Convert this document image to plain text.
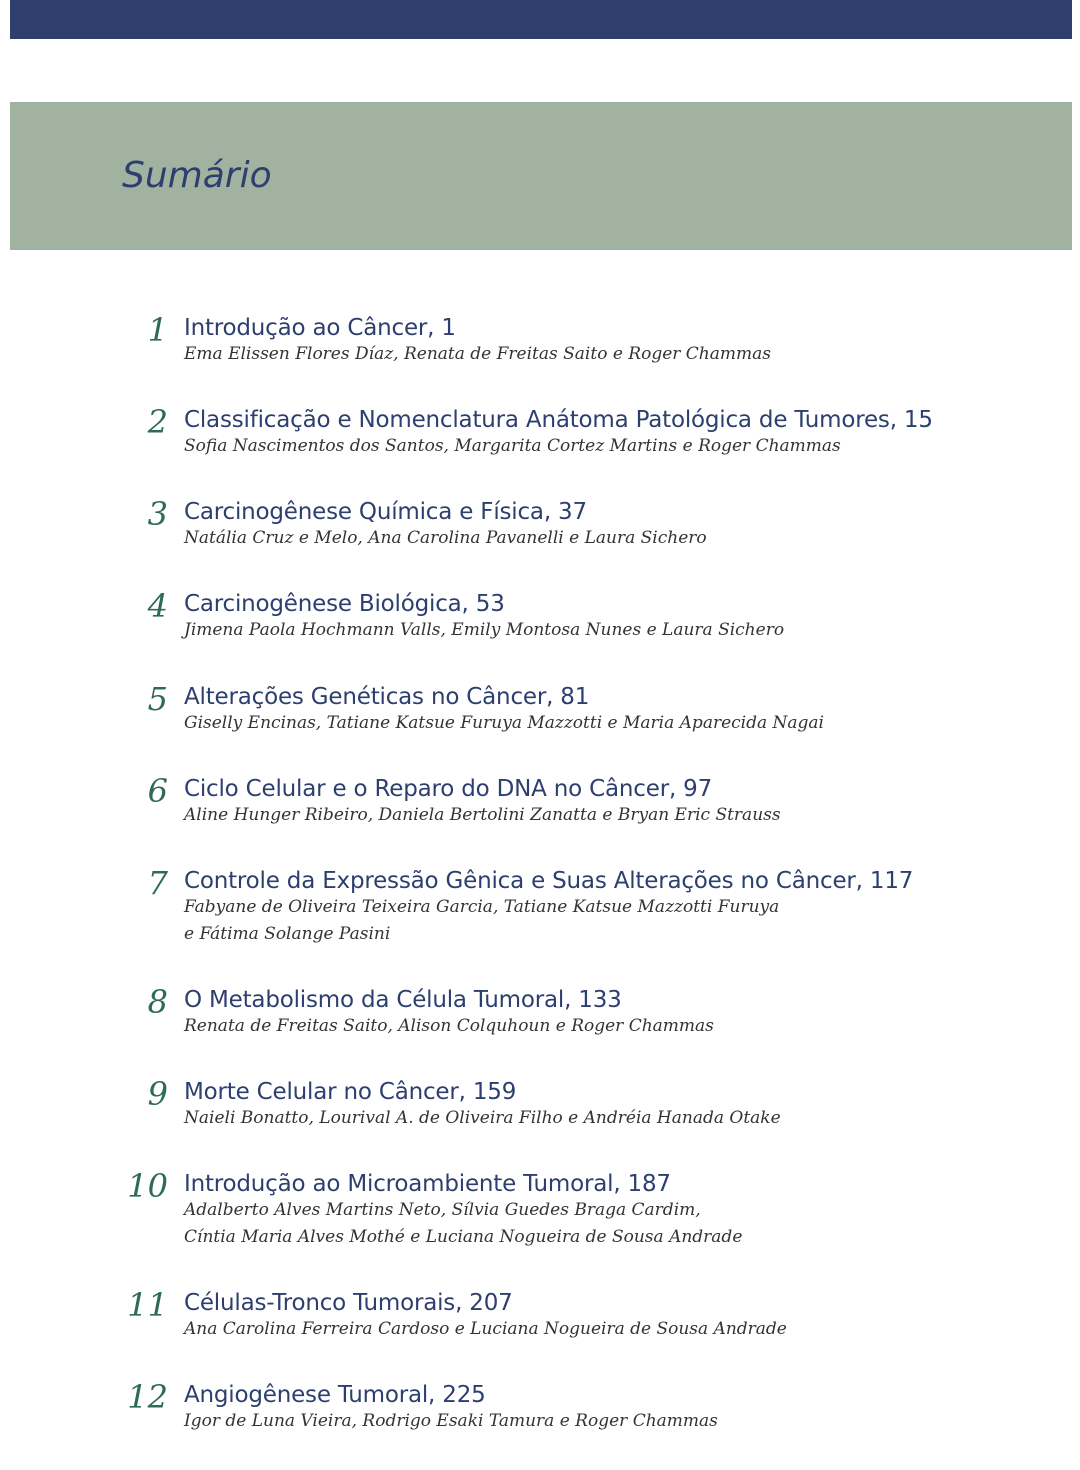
Sumário
1 Introdução ao Câncer, 1

Ema Elissen Flores Díaz, Renata de Freitas Saito e Roger Chammas

2 Classificação e Nomenclatura Anátoma Patológica de Tumores, 15

Sofia Nascimentos dos Santos, Margarita Cortez Martins e Roger Chammas

3 Carcinogênese Química e Física, 37

Natália Cruz e Melo, Ana Carolina Pavanelli e Laura Sichero

4 Carcinogênese Biológica, 53

Jimena Paola Hochmann Valls, Emily Montosa Nunes e Laura Sichero

5 Alterações Genéticas no Câncer, 81

Giselly Encinas, Tatiane Katsue Furuya Mazzotti e Maria Aparecida Nagai

6 Ciclo Celular e o Reparo do DNA no Câncer, 97

Aline Hunger Ribeiro, Daniela Bertolini Zanatta e Bryan Eric Strauss

7 Controle da Expressão Gênica e Suas Alterações no Câncer, 117

Fabyane de Oliveira Teixeira Garcia, Tatiane Katsue Mazzotti Furuya
e Fátima Solange Pasini

8 O Metabolismo da Célula Tumoral, 133

Renata de Freitas Saito, Alison Colquhoun e Roger Chammas

9 Morte Celular no Câncer, 159

Naieli Bonatto, Lourival A. de Oliveira Filho e Andréia Hanada Otake

10 Introdução ao Microambiente Tumoral, 187

Adalberto Alves Martins Neto, Sílvia Guedes Braga Cardim,
Cíntia Maria Alves Mothé e Luciana Nogueira de Sousa Andrade

11 Células-Tronco Tumorais, 207

Ana Carolina Ferreira Cardoso e Luciana Nogueira de Sousa Andrade

12 Angiogênese Tumoral, 225

Igor de Luna Vieira, Rodrigo Esaki Tamura e Roger Chammas
